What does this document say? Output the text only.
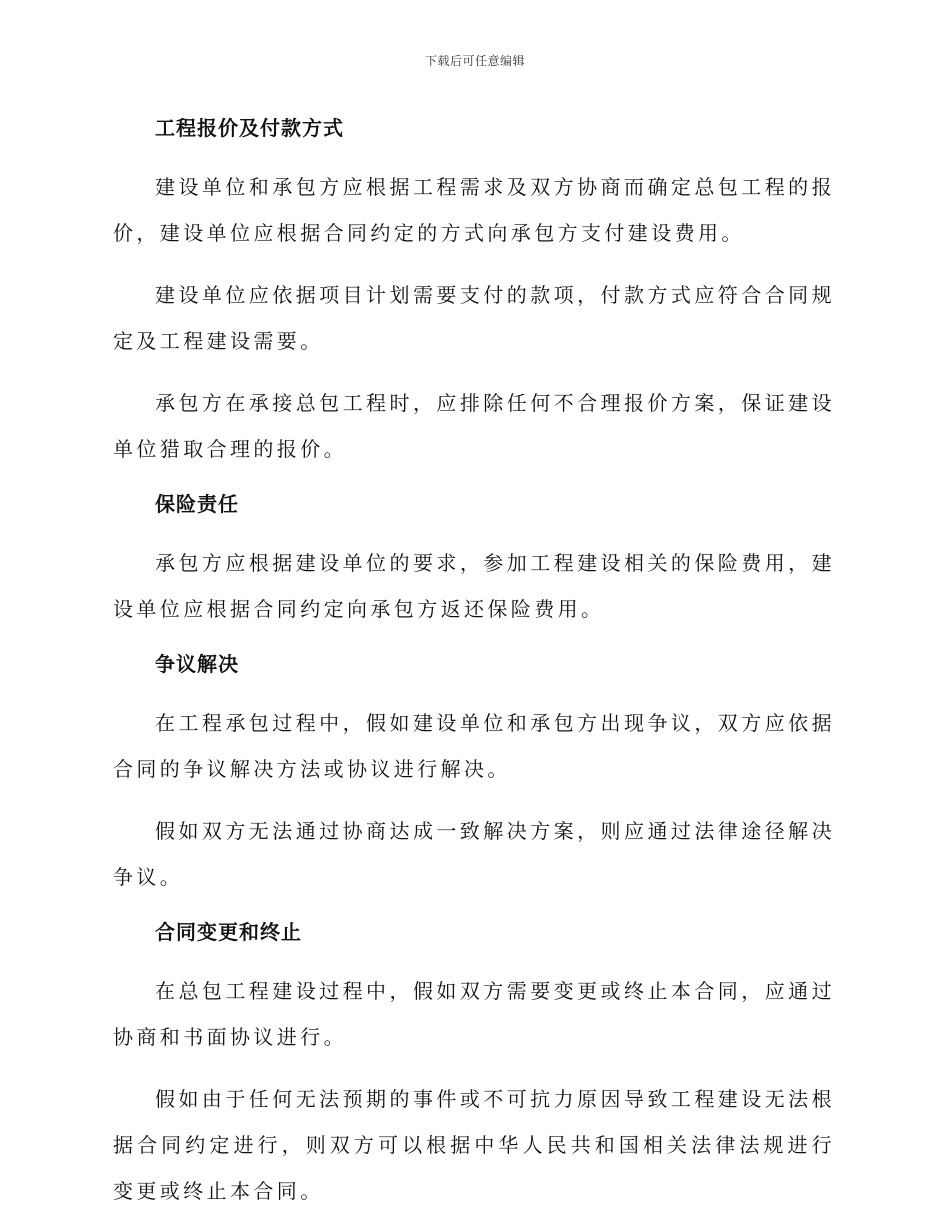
下载后可任意编辑
工程报价及付款方式

建设单位和承包方应根据工程需求及双方协商而确定总包工程的报价，建设单位应根据合同约定的方式向承包方支付建设费用。

建设单位应依据项目计划需要支付的款项，付款方式应符合合同规定及工程建设需要。

承包方在承接总包工程时，应排除任何不合理报价方案，保证建设单位猎取合理的报价。

保险责任

承包方应根据建设单位的要求，参加工程建设相关的保险费用，建设单位应根据合同约定向承包方返还保险费用。

争议解决

在工程承包过程中，假如建设单位和承包方出现争议，双方应依据合同的争议解决方法或协议进行解决。

假如双方无法通过协商达成一致解决方案，则应通过法律途径解决争议。

合同变更和终止

在总包工程建设过程中，假如双方需要变更或终止本合同，应通过协商和书面协议进行。

假如由于任何无法预期的事件或不可抗力原因导致工程建设无法根据合同约定进行，则双方可以根据中华人民共和国相关法律法规进行变更或终止本合同。
